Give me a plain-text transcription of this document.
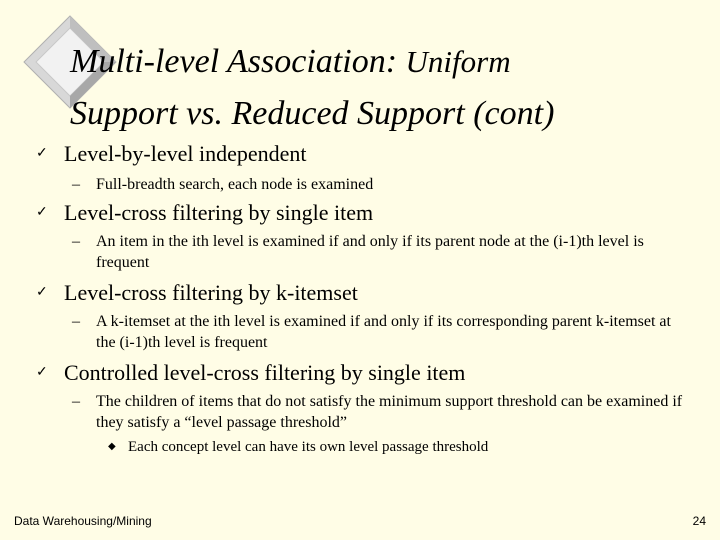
Multi-level Association: Uniform
Support vs. Reduced Support (cont)
✓ Level-by-level independent
–	Full-breadth search, each node is examined
✓ Level-cross filtering by single item
–	An item in the ith level is examined if and only if its parent node at the (i-1)th level is frequent
✓ Level-cross filtering by k-itemset
–	A k-itemset at the ith level is examined if and only if its corresponding parent k-itemset at the (i-1)th level is frequent
✓ Controlled level-cross filtering by single item
–	The children of items that do not satisfy the minimum support threshold can be examined if they satisfy a “level passage threshold”
◆ Each concept level can have its own level passage threshold
Data Warehousing/Mining	24
